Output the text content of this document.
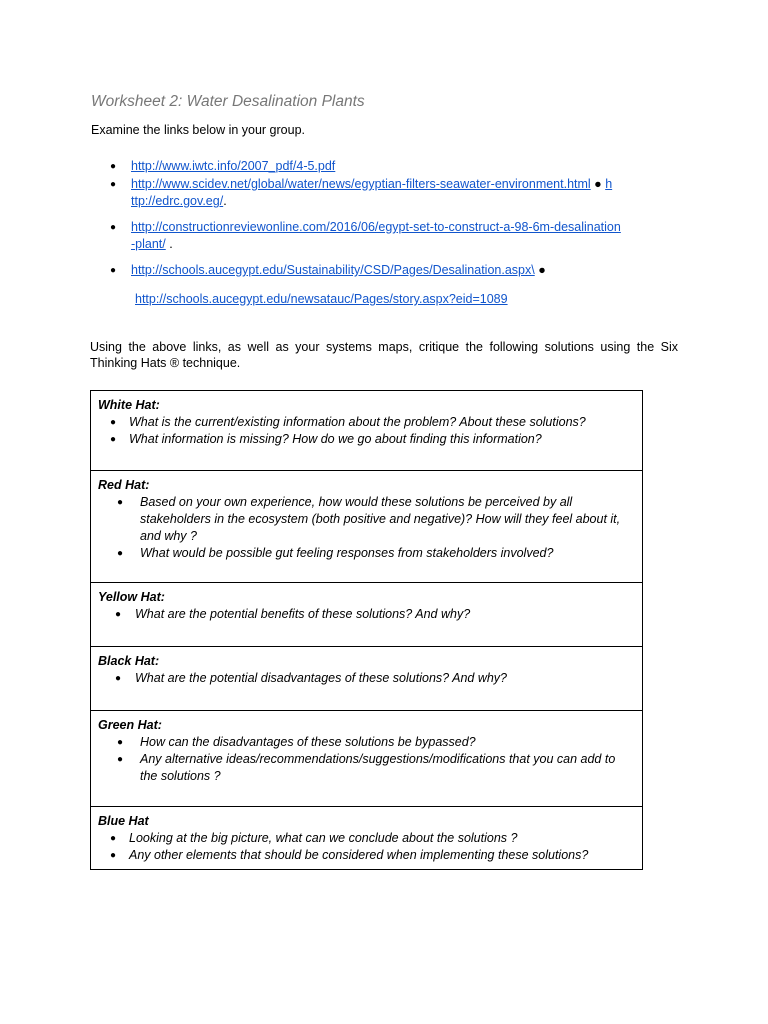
Worksheet 2: Water Desalination Plants
Examine the links below in your group.
● http://www.iwtc.info/2007_pdf/4-5.pdf
● http://www.scidev.net/global/water/news/egyptian-filters-seawater-environment.html ● h
ttp://edrc.gov.eg/.
● http://constructionreviewonline.com/2016/06/egypt-set-to-construct-a-98-6m-desalination
-plant/ .
● http://schools.aucegypt.edu/Sustainability/CSD/Pages/Desalination.aspx\ ●
http://schools.aucegypt.edu/newsatauc/Pages/story.aspx?eid=1089
Using the above links, as well as your systems maps, critique the following solutions using the Six Thinking Hats ® technique.
White Hat:
● What is the current/existing information about the problem? About these solutions?
● What information is missing? How do we go about finding this information?
Red Hat:
● Based on your own experience, how would these solutions be perceived by all stakeholders in the ecosystem (both positive and negative)? How will they feel about it, and why ?
● What would be possible gut feeling responses from stakeholders involved?
Yellow Hat:
● What are the potential benefits of these solutions? And why?
Black Hat:
● What are the potential disadvantages of these solutions? And why?
Green Hat:
● How can the disadvantages of these solutions be bypassed?
● Any alternative ideas/recommendations/suggestions/modifications that you can add to the solutions ?
Blue Hat
● Looking at the big picture, what can we conclude about the solutions ?
● Any other elements that should be considered when implementing these solutions?
